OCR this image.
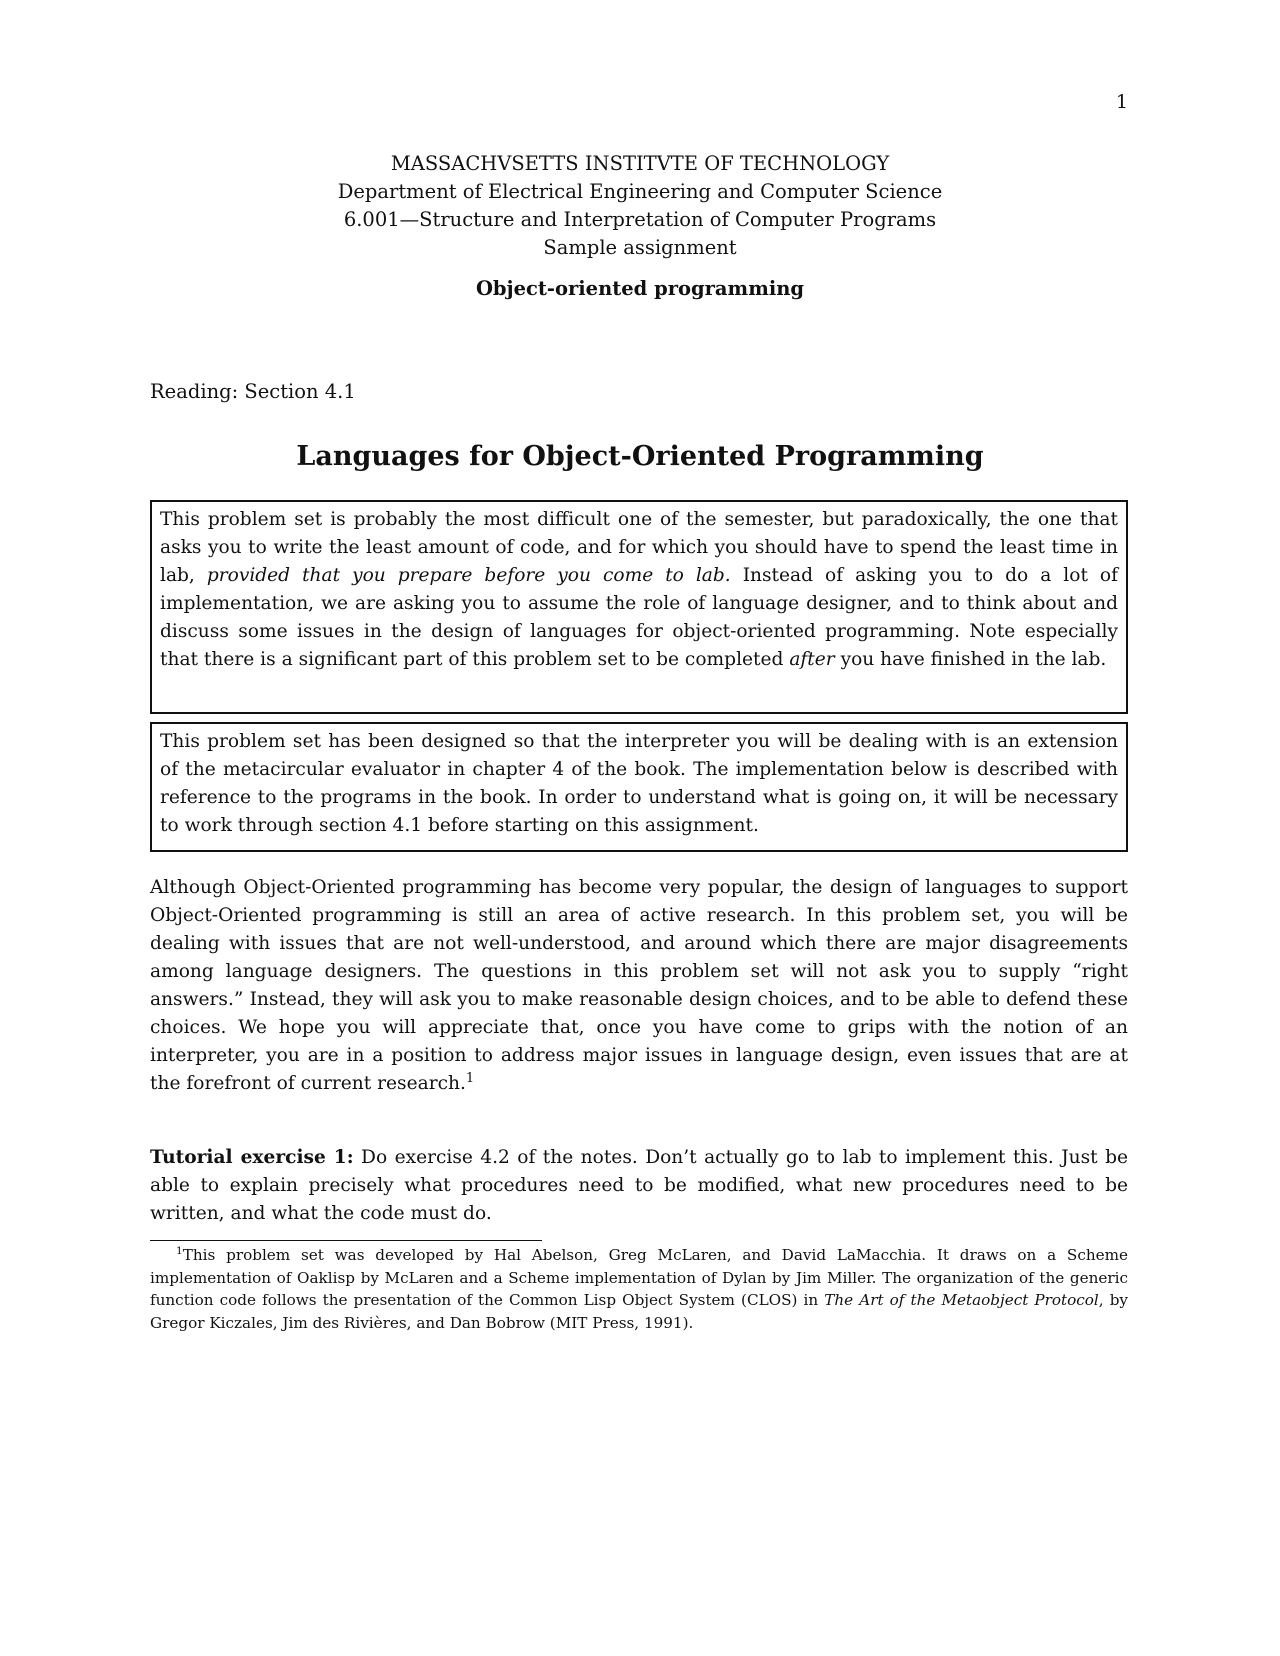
1
MASSACHVSETTS INSTITVTE OF TECHNOLOGY
Department of Electrical Engineering and Computer Science
6.001—Structure and Interpretation of Computer Programs
Sample assignment
Object-oriented programming
Reading: Section 4.1
Languages for Object-Oriented Programming
This problem set is probably the most difficult one of the semester, but paradoxically, the one that asks you to write the least amount of code, and for which you should have to spend the least time in lab, provided that you prepare before you come to lab. Instead of asking you to do a lot of implementation, we are asking you to assume the role of language designer, and to think about and discuss some issues in the design of languages for object-oriented programming. Note especially that there is a significant part of this problem set to be completed after you have finished in the lab.
This problem set has been designed so that the interpreter you will be dealing with is an extension of the metacircular evaluator in chapter 4 of the book. The implementation below is described with reference to the programs in the book. In order to understand what is going on, it will be necessary to work through section 4.1 before starting on this assignment.
Although Object-Oriented programming has become very popular, the design of languages to support Object-Oriented programming is still an area of active research. In this problem set, you will be dealing with issues that are not well-understood, and around which there are major disagreements among language designers. The questions in this problem set will not ask you to supply “right answers.” Instead, they will ask you to make reasonable design choices, and to be able to defend these choices. We hope you will appreciate that, once you have come to grips with the notion of an interpreter, you are in a position to address major issues in language design, even issues that are at the forefront of current research.$^1$
Tutorial exercise 1: Do exercise 4.2 of the notes. Don’t actually go to lab to implement this. Just be able to explain precisely what procedures need to be modified, what new procedures need to be written, and what the code must do.
$^1$This problem set was developed by Hal Abelson, Greg McLaren, and David LaMacchia. It draws on a Scheme implementation of Oaklisp by McLaren and a Scheme implementation of Dylan by Jim Miller. The organization of the generic function code follows the presentation of the Common Lisp Object System (CLOS) in The Art of the Metaobject Protocol, by Gregor Kiczales, Jim des Rivières, and Dan Bobrow (MIT Press, 1991).
